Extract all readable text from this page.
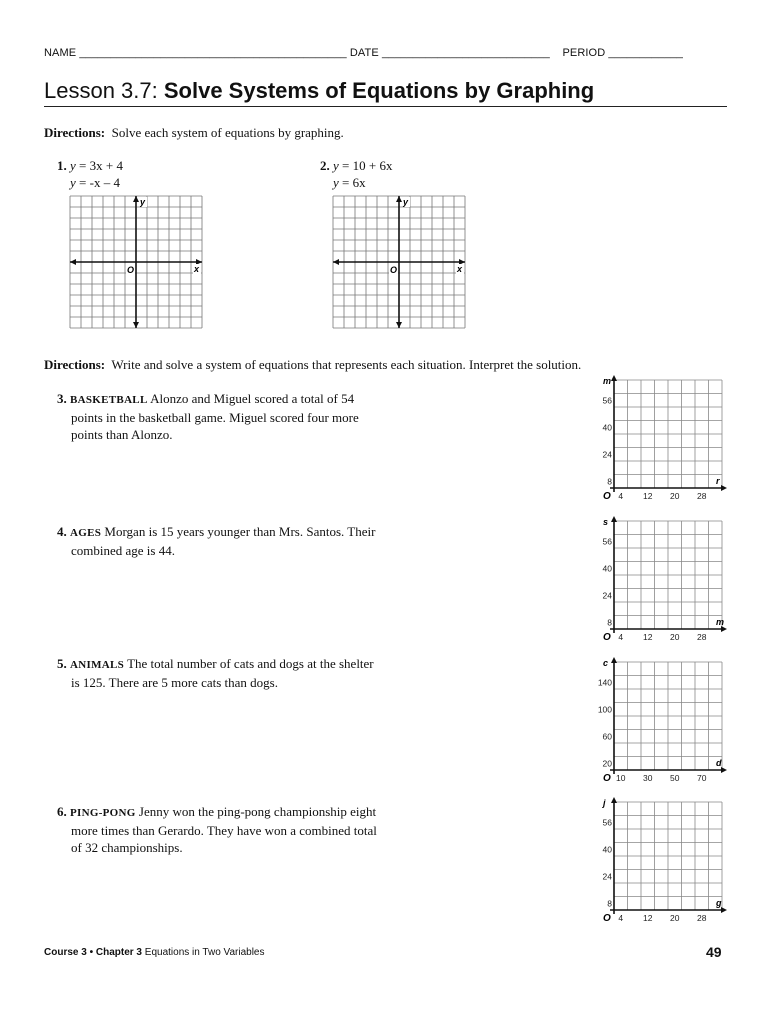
NAME ___________________________________________ DATE ___________________________ PERIOD ____________
Lesson 3.7: Solve Systems of Equations by Graphing
Directions: Solve each system of equations by graphing.
1. y = 3x + 4
y = -x – 4
2. y = 10 + 6x
y = 6x
y
O	x
y
O	x
Directions: Write and solve a system of equations that represents each situation. Interpret the solution.
3. BASKETBALL Alonzo and Miguel scored a total of 54
points in the basketball game. Miguel scored four more
points than Alonzo.
4. AGES Morgan is 15 years younger than Mrs. Santos. Their
combined age is 44.
5. ANIMALS The total number of cats and dogs at the shelter
is 125. There are 5 more cats than dogs.
6. PING-PONG Jenny won the ping-pong championship eight
more times than Gerardo. They have won a combined total
of 32 championships.
m
r
O
56
40
24
8
4 12 20 28
s
m
O
56
40
24
8
4 12 20 28
c
d
O
140
100
60
20
10 30 50 70
j
g
O
56
40
24
8
4 12 20 28
Course 3 • Chapter 3 Equations in Two Variables	49
